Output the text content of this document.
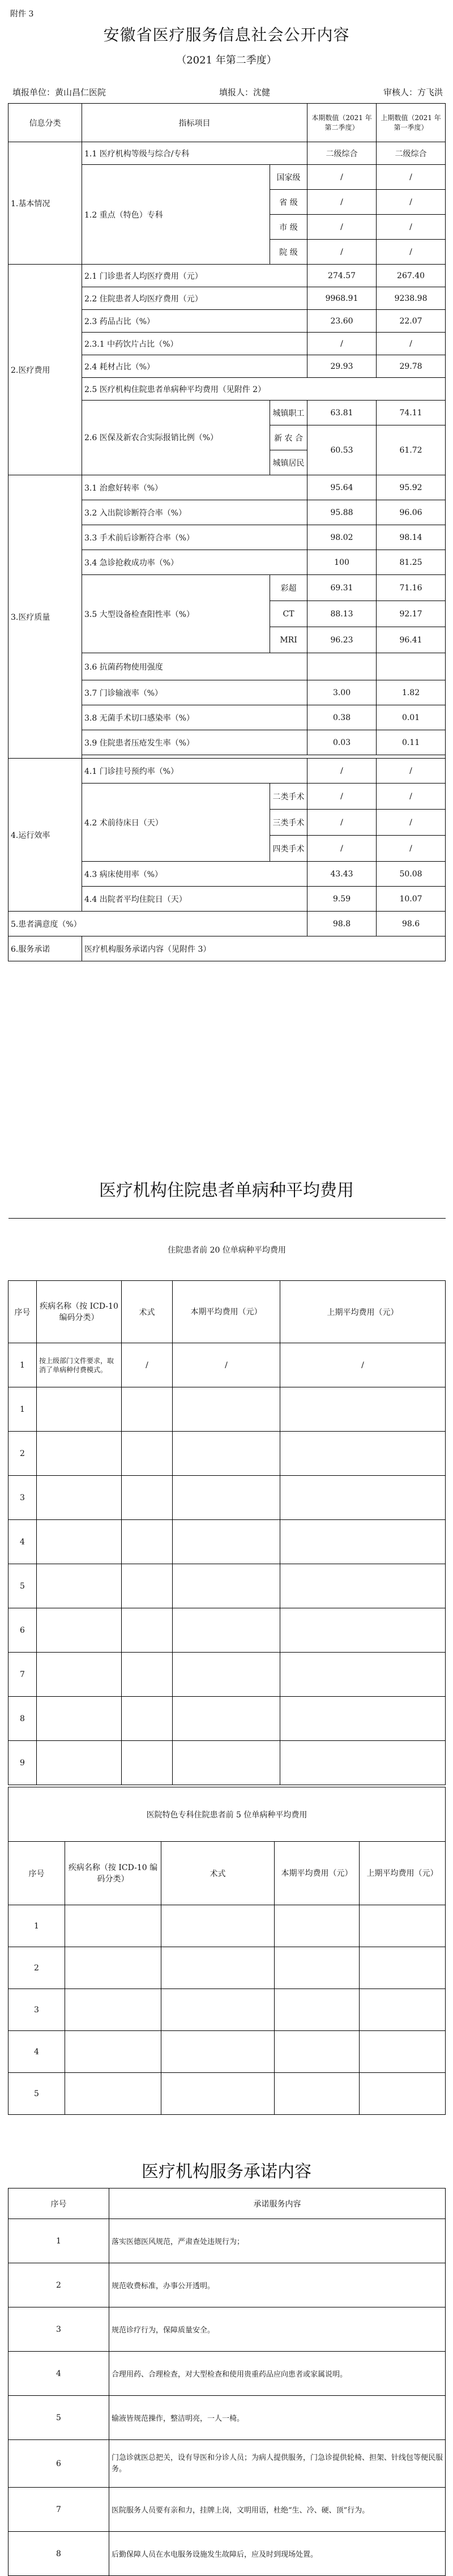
附件 3
安徽省医疗服务信息社会公开内容
（2021 年第二季度）
填报单位：黄山昌仁医院	填报人：沈健	审核人：方飞洪
信息分类	指标项目		本期数值（2021 年第二季度）	上期数值（2021 年第一季度）
1.基本情况	1.1 医疗机构等级与综合/专科		二级综合	二级综合
	1.2 重点（特色）专科	国家级	/	/
		省 级	/	/
		市 级	/	/
		院 级	/	/
2.医疗费用	2.1 门诊患者人均医疗费用（元）		274.57	267.40
	2.2 住院患者人均医疗费用（元）		9968.91	9238.98
	2.3 药品占比（%）		23.60	22.07
	2.3.1 中药饮片占比（%）		/	/
	2.4 耗材占比（%）		29.93	29.78
	2.5 医疗机构住院患者单病种平均费用（见附件 2）			
	2.6 医保及新农合实际报销比例（%）	城镇职工	63.81	74.11
		新 农 合	60.53	61.72
		城镇居民		
3.医疗质量	3.1 治愈好转率（%）		95.64	95.92
	3.2 入出院诊断符合率（%）		95.88	96.06
	3.3 手术前后诊断符合率（%）		98.02	98.14
	3.4 急诊抢救成功率（%）		100	81.25
	3.5 大型设备检查阳性率（%）	彩超	69.31	71.16
		CT	88.13	92.17
		MRI	96.23	96.41
	3.6 抗菌药物使用强度			
	3.7 门诊输液率（%）		3.00	1.82
	3.8 无菌手术切口感染率（%）		0.38	0.01
	3.9 住院患者压疮发生率（%）		0.03	0.11

4.运行效率	4.1 门诊挂号预约率（%）		/	/
	4.2 术前待床日（天）	二类手术	/	/
		三类手术	/	/
		四类手术	/	/
	4.3 病床使用率（%）		43.43	50.08
	4.4 出院者平均住院日（天）		9.59	10.07
5.患者满意度（%）			98.8	98.6
6.服务承诺	医疗机构服务承诺内容（见附件 3）			
医疗机构住院患者单病种平均费用
住院患者前 20 位单病种平均费用				
序号	疾病名称（按 ICD-10 编码分类）	术式	本期平均费用（元）	上期平均费用（元）
1	按上级部门文件要求，取消了单病种付费模式。	/	/	/
1				
2				
3				
4				
5				
6				
7				
8				
9				
医院特色专科住院患者前 5 位单病种平均费用				
序号	疾病名称（按 ICD-10 编码分类）	术式	本期平均费用（元）	上期平均费用（元）
1				
2				
3				
4				
5				
医疗机构服务承诺内容
序号	承诺服务内容
1	落实医德医风规范，严肃查处违规行为；
2	规范收费标准，办事公开透明。
3	规范诊疗行为，保障质量安全。
4	合理用药、合理检查，对大型检查和使用贵重药品应向患者或家属说明。
5	输液皆规范操作，整洁明亮，一人一椅。
6	门急诊就医总把关，设有导医和分诊人员；为病人提供服务，门急诊提供轮椅、担架、针线包等便民服务。
7	医院服务人员要有亲和力，挂牌上岗，文明用语，杜绝“生、冷、硬、顶”行为。
8	后勤保障人员在水电服务设施发生故障后，应及时到现场处置。
